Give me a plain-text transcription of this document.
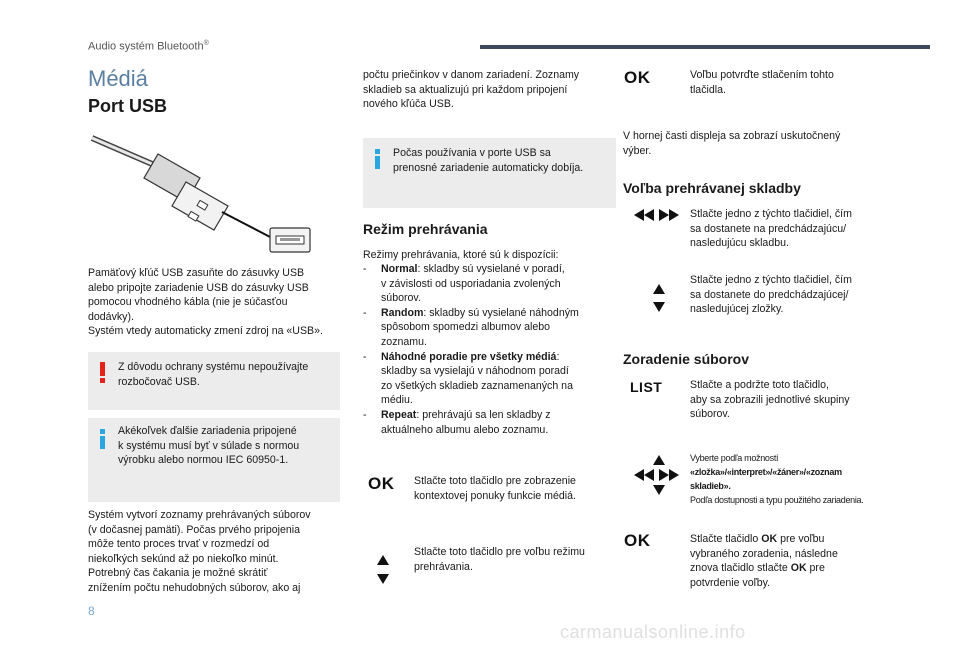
Audio systém Bluetooth®
Médiá
Port USB
Pamäťový kľúč USB zasuňte do zásuvky USB
alebo pripojte zariadenie USB do zásuvky USB
pomocou vhodného kábla (nie je súčasťou
dodávky).
Systém vtedy automaticky zmení zdroj na «USB».
Z dôvodu ochrany systému nepoužívajte
rozbočovač USB.
Akékoľvek ďalšie zariadenia pripojené
k systému musí byť v súlade s normou
výrobku alebo normou IEC 60950-1.
Systém vytvorí zoznamy prehrávaných súborov
(v dočasnej pamäti). Počas prvého pripojenia
môže tento proces trvať v rozmedzí od
niekoľkých sekúnd až po niekoľko minút.
Potrebný čas čakania je možné skrátiť
znížením počtu nehudobných súborov, ako aj
počtu priečinkov v danom zariadení. Zoznamy
skladieb sa aktualizujú pri každom pripojení
nového kľúča USB.
Počas používania v porte USB sa
prenosné zariadenie automaticky dobíja.
Režim prehrávania
Režimy prehrávania, ktoré sú k dispozícii:
- Normal: skladby sú vysielané v poradí,
v závislosti od usporiadania zvolených
súborov.
- Random: skladby sú vysielané náhodným
spôsobom spomedzi albumov alebo
zoznamu.
- Náhodné poradie pre všetky médiá:
skladby sa vysielajú v náhodnom poradí
zo všetkých skladieb zaznamenaných na
médiu.
- Repeat: prehrávajú sa len skladby z
aktuálneho albumu alebo zoznamu.
OK Stlačte toto tlačidlo pre zobrazenie
kontextovej ponuky funkcie médiá.
Stlačte toto tlačidlo pre voľbu režimu
prehrávania.
OK	Voľbu potvrďte stlačením tohto
tlačidla.
V hornej časti displeja sa zobrazí uskutočnený
výber.
Voľba prehrávanej skladby
Stlačte jedno z týchto tlačidiel, čím
sa dostanete na predchádzajúcu/
nasledujúcu skladbu.
Stlačte jedno z týchto tlačidiel, čím
sa dostanete do predchádzajúcej/
nasledujúcej zložky.
Zoradenie súborov
LIST	Stlačte a podržte toto tlačidlo,
aby sa zobrazili jednotlivé skupiny
súborov.
Vyberte podľa možností
«zložka»/«interpret»/«žáner»/«zoznam
skladieb».
Podľa dostupnosti a typu použitého zariadenia.
OK	Stlačte tlačidlo OK pre voľbu
vybraného zoradenia, následne
znova tlačidlo stlačte OK pre
potvrdenie voľby.
8
carmanualsonline.info
